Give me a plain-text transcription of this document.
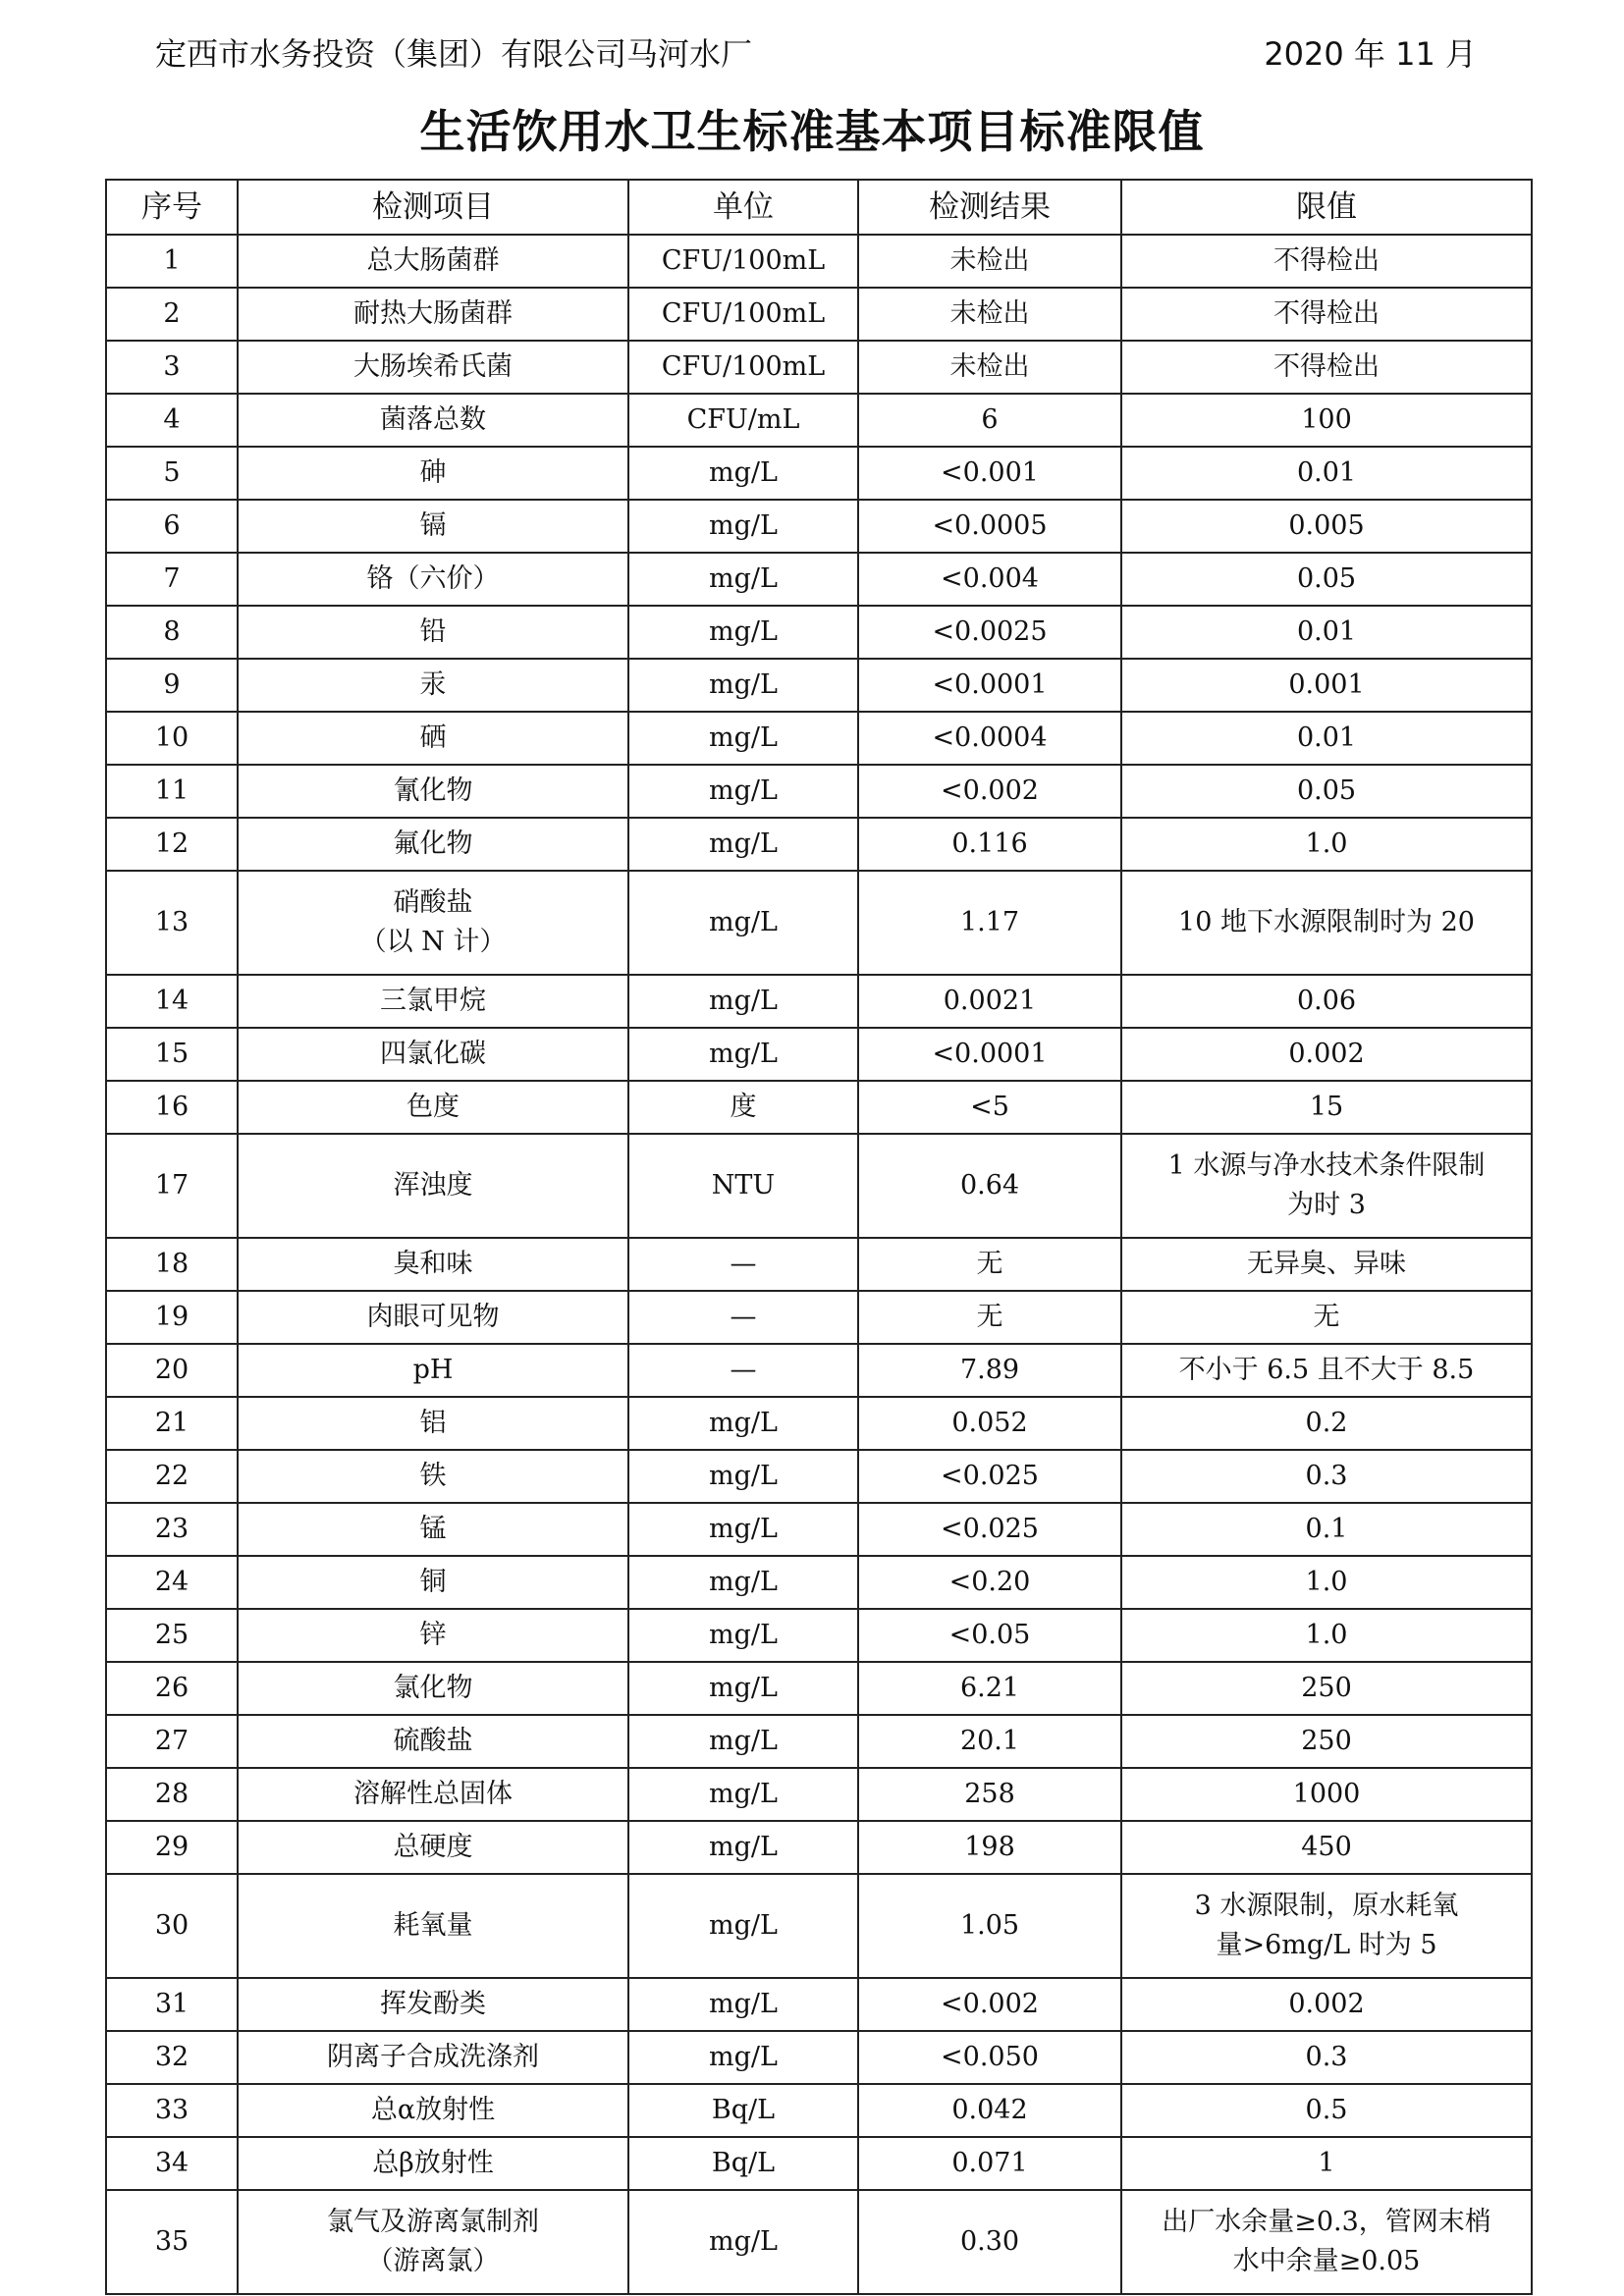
定西市水务投资（集团）有限公司马河水厂	2020 年 11 月
生活饮用水卫生标准基本项目标准限值
序号	检测项目	单位	检测结果	限值
1	总大肠菌群	CFU/100mL	未检出	不得检出

2	耐热大肠菌群	CFU/100mL	未检出	不得检出

3	大肠埃希氏菌	CFU/100mL	未检出	不得检出

4	菌落总数	CFU/mL	6	100

5	砷	mg/L	<0.001	0.01

6	镉	mg/L	<0.0005	0.005

7	铬（六价）	mg/L	<0.004	0.05

8	铅	mg/L	<0.0025	0.01

9	汞	mg/L	<0.0001	0.001

10	硒	mg/L	<0.0004	0.01

11	氰化物	mg/L	<0.002	0.05

12	氟化物	mg/L	0.116	1.0

13	硝酸盐
（以 N 计）	mg/L	1.17	10 地下水源限制时为 20

14	三氯甲烷	mg/L	0.0021	0.06

15	四氯化碳	mg/L	<0.0001	0.002

16	色度	度	<5	15

17	浑浊度	NTU	0.64	1 水源与净水技术条件限制
为时 3

18	臭和味	—	无	无异臭、异味

19	肉眼可见物	—	无	无

20	pH	—	7.89	不小于 6.5 且不大于 8.5

21	铝	mg/L	0.052	0.2

22	铁	mg/L	<0.025	0.3

23	锰	mg/L	<0.025	0.1

24	铜	mg/L	<0.20	1.0

25	锌	mg/L	<0.05	1.0

26	氯化物	mg/L	6.21	250

27	硫酸盐	mg/L	20.1	250

28	溶解性总固体	mg/L	258	1000

29	总硬度	mg/L	198	450

30	耗氧量	mg/L	1.05	3 水源限制，原水耗氧
量>6mg/L 时为 5

31	挥发酚类	mg/L	<0.002	0.002

32	阴离子合成洗涤剂	mg/L	<0.050	0.3

33	总α放射性	Bq/L	0.042	0.5

34	总β放射性	Bq/L	0.071	1

35	氯气及游离氯制剂
（游离氯）	mg/L	0.30	出厂水余量≥0.3，管网末梢
水中余量≥0.05
